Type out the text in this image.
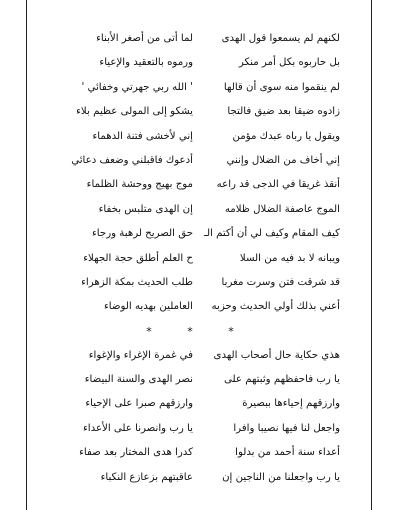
لكنهم لم يسمعوا قول الهدى
لما أتى من أصغر الأبناء
بل حاربوه بكل أمر منكر
ورموه بالتعقيد والإعياء
لم ينقموا منه سوى أن قالها
' الله ربي جهرتي وخفائي '
زادوه ضيقا بعد ضيق فالتجا
يشكو إلى المولى عظيم بلاء
ويقول يا رباه عبدك مؤمن
إني لأخشى فتنة الدهماء
إني أخاف من الضلال وإنني
أدعوك فاقبلني وضعف دعائي
أنقذ غريقا في الدجى قد راعه
موج بهيج ووحشة الظلماء
الموج عاصفة الضلال ظلامه
إن الهدى متلبس بخفاء
كيف المقام وكيف لي أن أكتم الـ
حق الصريح لرهبة ورجاء
ويبانه لا بد فيه من السلا
ح العلم أطلق حجة الجهلاء
قد شرقت فتن وسرت مغربا
طلب الحديث بمكة الزهراء
أعني بذلك أولي الحديث وحزبه
العاملين بهديه الوضاء
* * *
هذي حكاية حال أصحاب الهدى
في غمرة الإغراء والإغواء
يا رب فاحفظهم وثبتهم على
نصر الهدى والسنة البيضاء
وارزقهم إحياءها ببصيرة
وارزقهم صبرا على الإحياء
واجعل لنا فيها نصيبا وافرا
يا رب وانصرنا على الأعداء
أعداء سنة أحمد من بدلوا
كدرا هدى المختار بعد صفاء
يا رب واجعلنا من الناجين إن
عاقبتهم بزعازع النكباء
